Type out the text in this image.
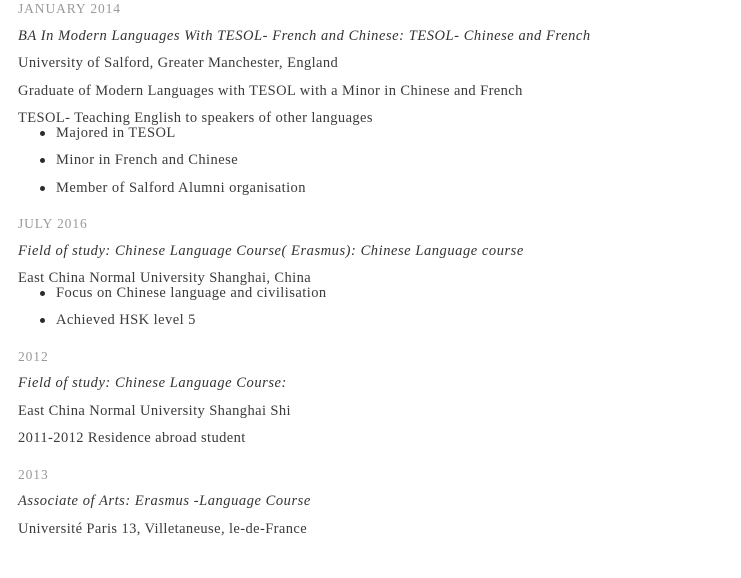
JANUARY 2014
BA In Modern Languages With TESOL- French and Chinese: TESOL- Chinese and French
University of Salford, Greater Manchester, England
Graduate of Modern Languages with TESOL with a Minor in Chinese and French
TESOL- Teaching English to speakers of other languages
Majored in TESOL
Minor in French and Chinese
Member of Salford Alumni organisation
JULY 2016
Field of study: Chinese Language Course( Erasmus): Chinese Language course
East China Normal University Shanghai, China
Focus on Chinese language and civilisation
Achieved HSK level 5
2012
Field of study: Chinese Language Course:
East China Normal University Shanghai Shi
2011-2012 Residence abroad student
2013
Associate of Arts: Erasmus -Language Course
Université Paris 13, Villetaneuse, le-de-France
